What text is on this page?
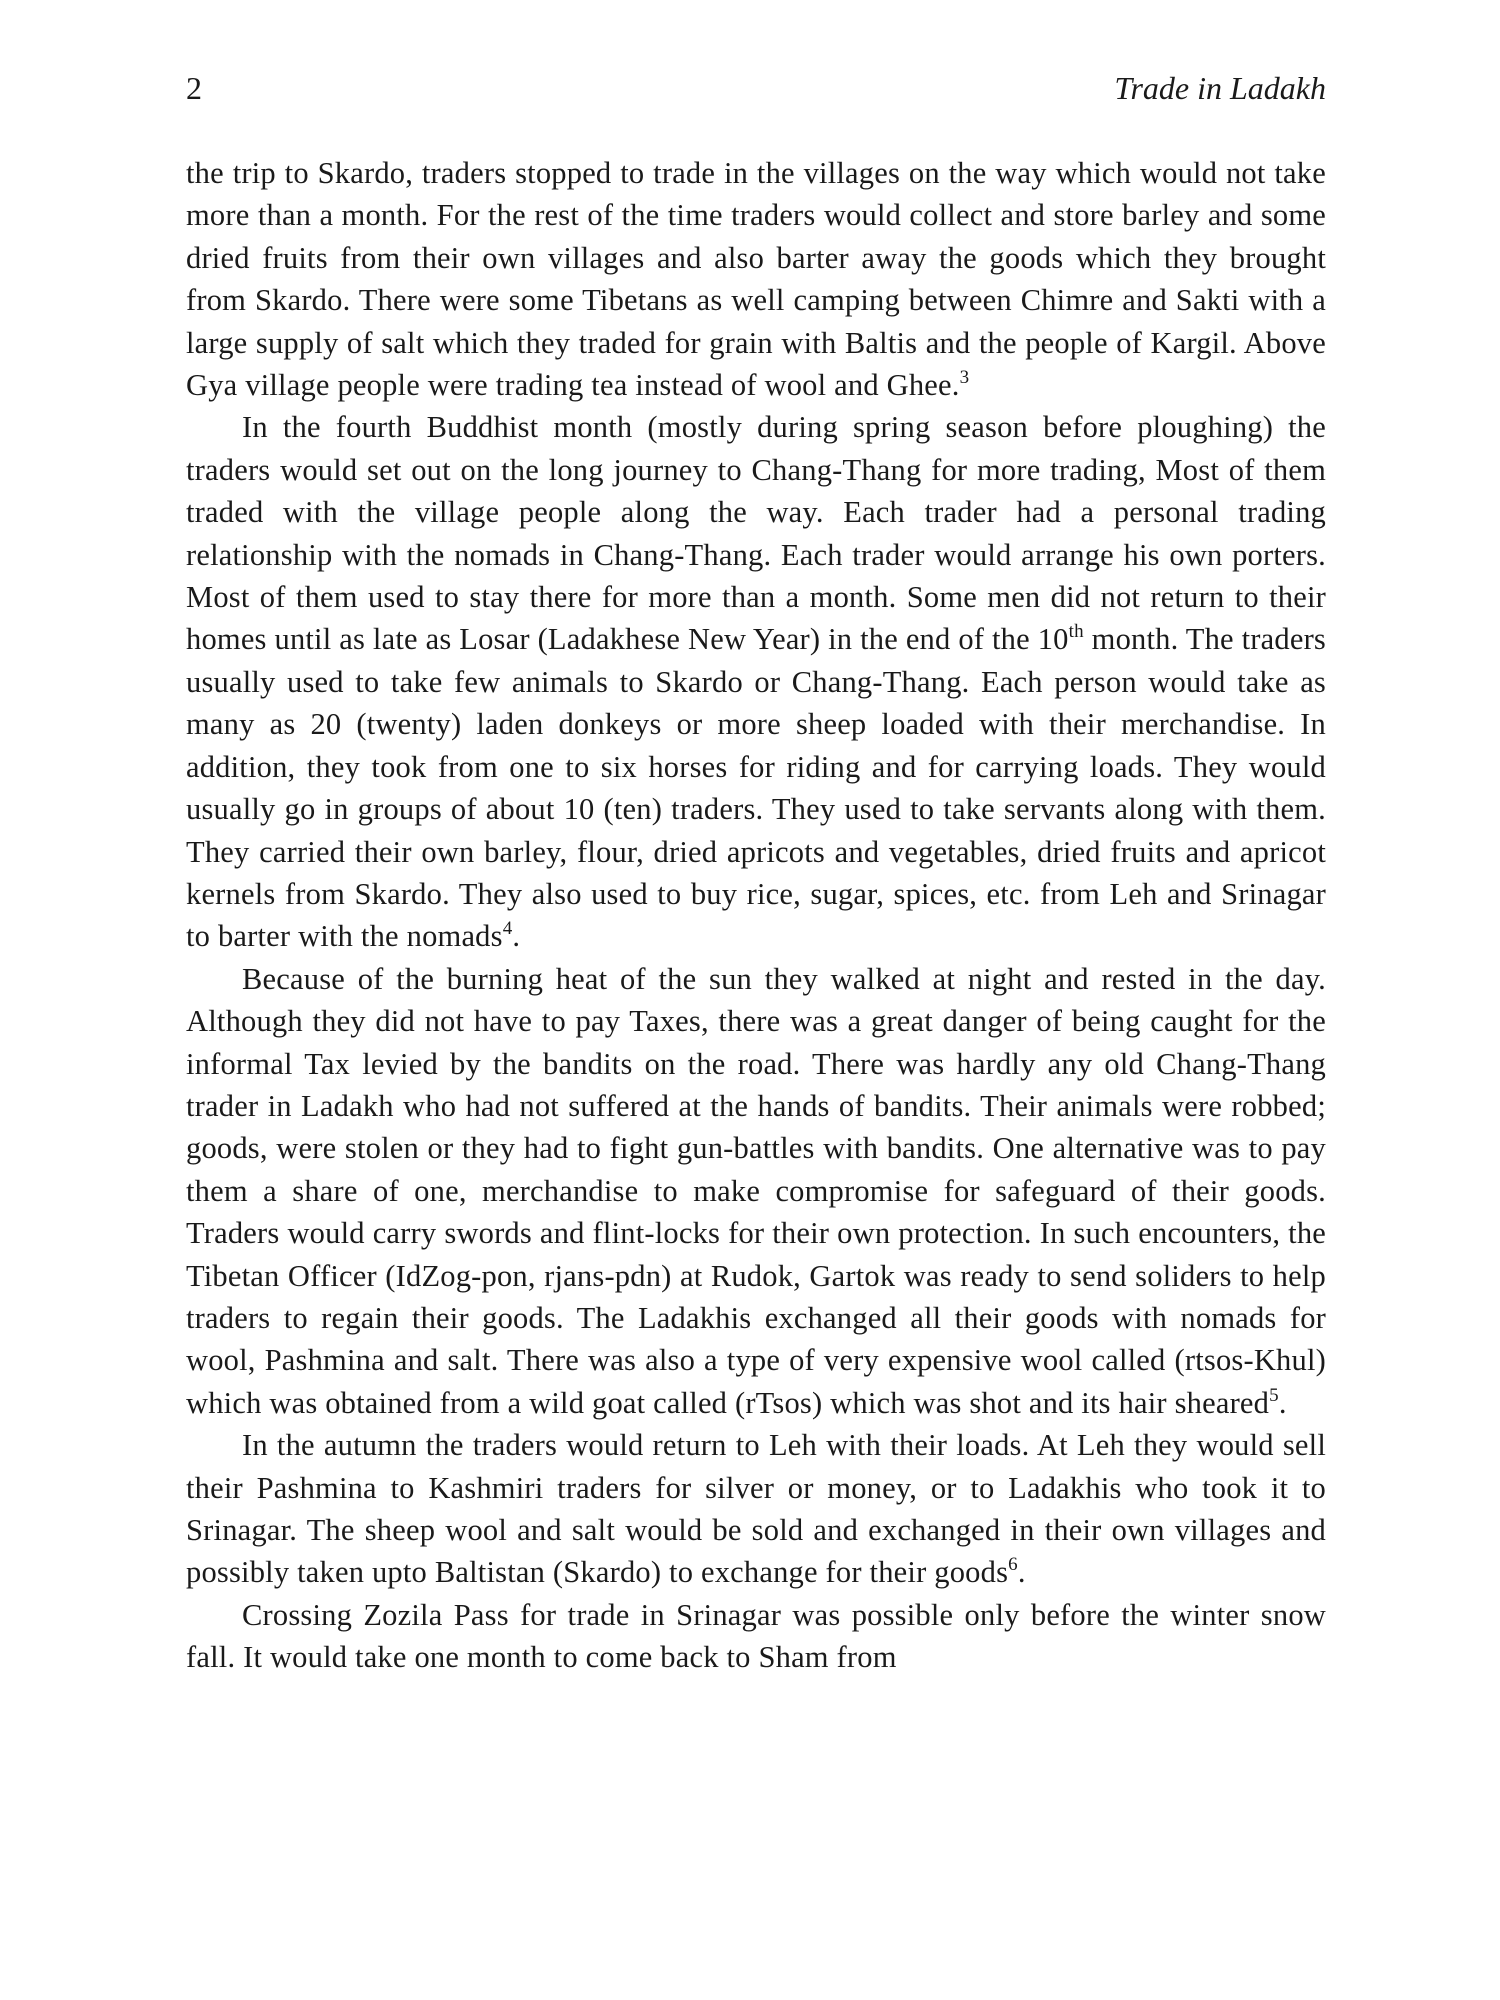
2	Trade in Ladakh

the trip to Skardo, traders stopped to trade in the villages on the way which would not take more than a month. For the rest of the time traders would collect and store barley and some dried fruits from their own villages and also barter away the goods which they brought from Skardo. There were some Tibetans as well camping between Chimre and Sakti with a large supply of salt which they traded for grain with Baltis and the people of Kargil. Above Gya village people were trading tea instead of wool and Ghee.$^3$

In the fourth Buddhist month (mostly during spring season before ploughing) the traders would set out on the long journey to Chang-Thang for more trading, Most of them traded with the village people along the way. Each trader had a personal trading relationship with the nomads in Chang-Thang. Each trader would arrange his own porters. Most of them used to stay there for more than a month. Some men did not return to their homes until as late as Losar (Ladakhese New Year) in the end of the 10th month. The traders usually used to take few animals to Skardo or Chang-Thang. Each person would take as many as 20 (twenty) laden donkeys or more sheep loaded with their merchandise. In addition, they took from one to six horses for riding and for carrying loads. They would usually go in groups of about 10 (ten) traders. They used to take servants along with them. They carried their own barley, flour, dried apricots and vegetables, dried fruits and apricot kernels from Skardo. They also used to buy rice, sugar, spices, etc. from Leh and Srinagar to barter with the nomads$^4$.

Because of the burning heat of the sun they walked at night and rested in the day. Although they did not have to pay Taxes, there was a great danger of being caught for the informal Tax levied by the bandits on the road. There was hardly any old Chang-Thang trader in Ladakh who had not suffered at the hands of bandits. Their animals were robbed; goods, were stolen or they had to fight gun-battles with bandits. One alternative was to pay them a share of one, merchandise to make compromise for safeguard of their goods. Traders would carry swords and flint-locks for their own protection. In such encounters, the Tibetan Officer (IdZog-pon, rjans-pdn) at Rudok, Gartok was ready to send soliders to help traders to regain their goods. The Ladakhis exchanged all their goods with nomads for wool, Pashmina and salt. There was also a type of very expensive wool called (rtsos-Khul) which was obtained from a wild goat called (rTsos) which was shot and its hair sheared$^5$.

In the autumn the traders would return to Leh with their loads. At Leh they would sell their Pashmina to Kashmiri traders for silver or money, or to Ladakhis who took it to Srinagar. The sheep wool and salt would be sold and exchanged in their own villages and possibly taken upto Baltistan (Skardo) to exchange for their goods$^6$.

Crossing Zozila Pass for trade in Srinagar was possible only before the winter snow fall. It would take one month to come back to Sham from
